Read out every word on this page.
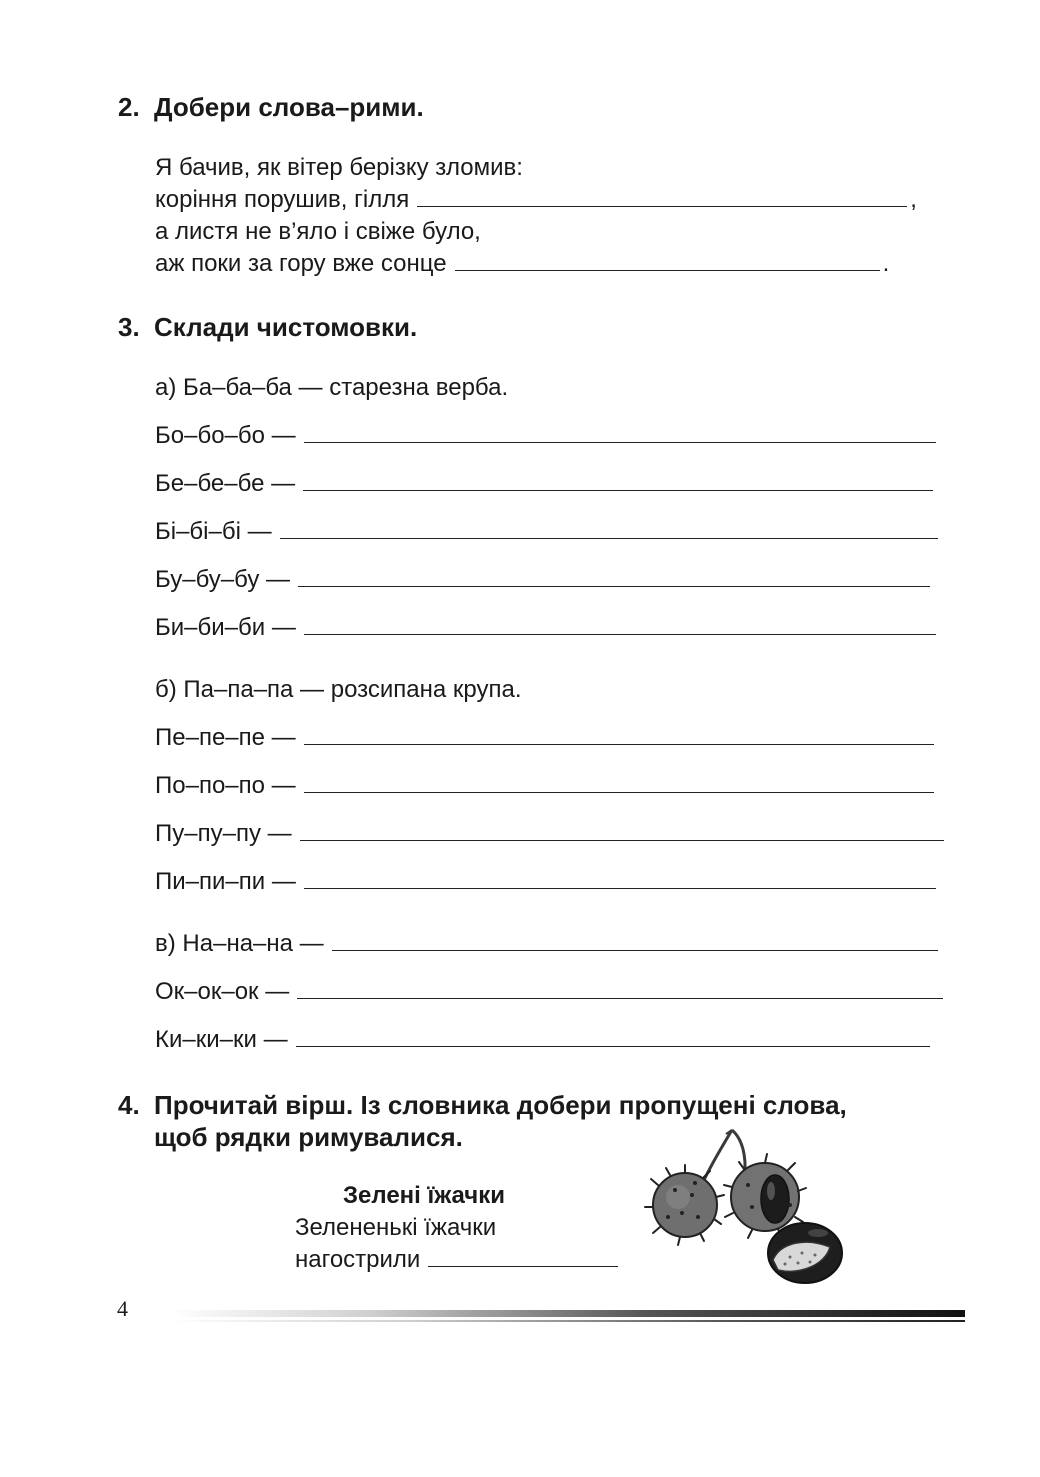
2. Добери слова–рими.
Я бачив, як вітер берізку зломив:
коріння порушив, гілля	,
а листя не в’яло і свіже було,
аж поки за гору вже сонце	.
3. Склади чистомовки.
а) Ба–ба–ба — старезна верба.
Бо–бо–бо —
Бе–бе–бе —
Бі–бі–бі —
Бу–бу–бу —
Би–би–би —
б) Па–па–па — розсипана крупа.
Пе–пе–пе —
По–по–по —
Пу–пу–пу —
Пи–пи–пи —
в) На–на–на —
Ок–ок–ок —
Ки–ки–ки —
4. Прочитай вірш. Із словника добери пропущені слова,
щоб рядки римувалися.
Зелені їжачки
Зелененькі їжачки
нагострили
4
